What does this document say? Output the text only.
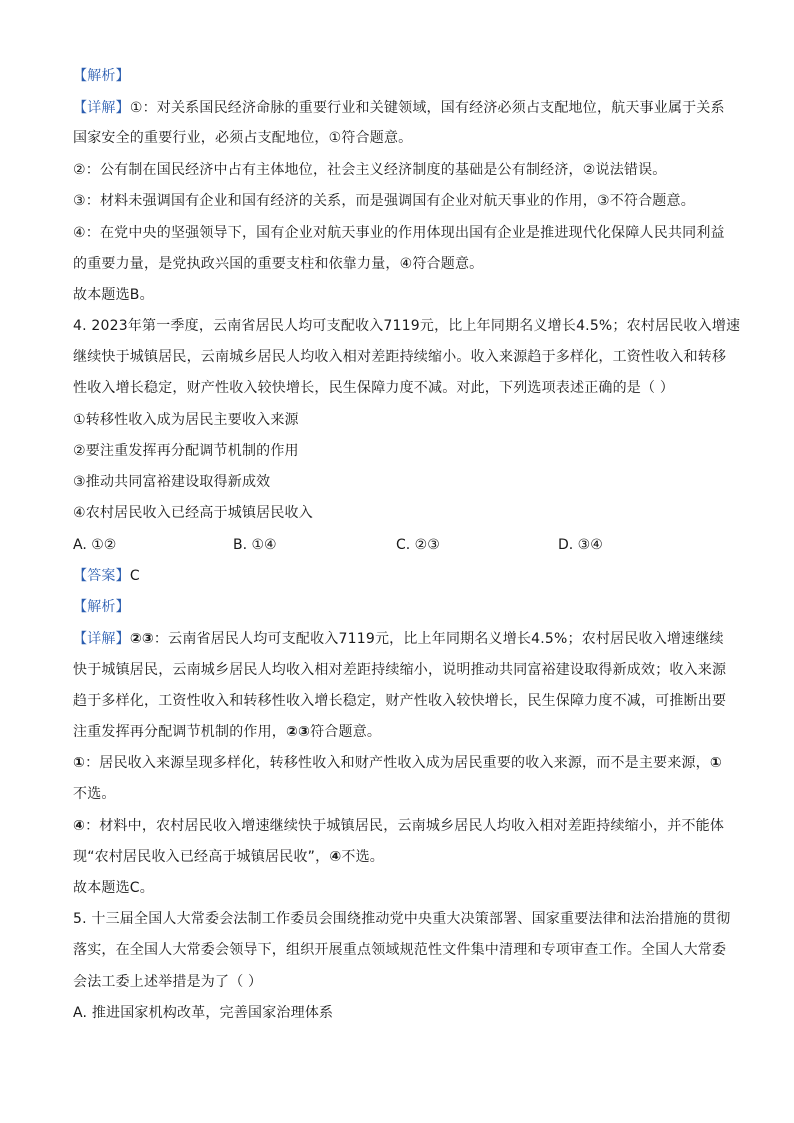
【解析】
【详解】①：对关系国民经济命脉的重要行业和关键领域，国有经济必须占支配地位，航天事业属于关系
国家安全的重要行业，必须占支配地位，①符合题意。
②：公有制在国民经济中占有主体地位，社会主义经济制度的基础是公有制经济，②说法错误。
③：材料未强调国有企业和国有经济的关系，而是强调国有企业对航天事业的作用，③不符合题意。
④：在党中央的坚强领导下，国有企业对航天事业的作用体现出国有企业是推进现代化保障人民共同利益
的重要力量，是党执政兴国的重要支柱和依靠力量，④符合题意。
故本题选B。
4. 2023年第一季度，云南省居民人均可支配收入7119元，比上年同期名义增长4.5%；农村居民收入增速
继续快于城镇居民，云南城乡居民人均收入相对差距持续缩小。收入来源趋于多样化，工资性收入和转移
性收入增长稳定，财产性收入较快增长，民生保障力度不减。对此，下列选项表述正确的是（ ）
①转移性收入成为居民主要收入来源
②要注重发挥再分配调节机制的作用
③推动共同富裕建设取得新成效
④农村居民收入已经高于城镇居民收入
A. ①②	B. ①④	C. ②③	D. ③④
【答案】C
【解析】
【详解】②③：云南省居民人均可支配收入7119元，比上年同期名义增长4.5%；农村居民收入增速继续
快于城镇居民，云南城乡居民人均收入相对差距持续缩小，说明推动共同富裕建设取得新成效；收入来源
趋于多样化，工资性收入和转移性收入增长稳定，财产性收入较快增长，民生保障力度不减，可推断出要
注重发挥再分配调节机制的作用，②③符合题意。
①：居民收入来源呈现多样化，转移性收入和财产性收入成为居民重要的收入来源，而不是主要来源，①
不选。
④：材料中，农村居民收入增速继续快于城镇居民，云南城乡居民人均收入相对差距持续缩小，并不能体
现“农村居民收入已经高于城镇居民收”，④不选。
故本题选C。
5. 十三届全国人大常委会法制工作委员会围绕推动党中央重大决策部署、国家重要法律和法治措施的贯彻
落实，在全国人大常委会领导下，组织开展重点领域规范性文件集中清理和专项审查工作。全国人大常委
会法工委上述举措是为了（ ）
A. 推进国家机构改革，完善国家治理体系
